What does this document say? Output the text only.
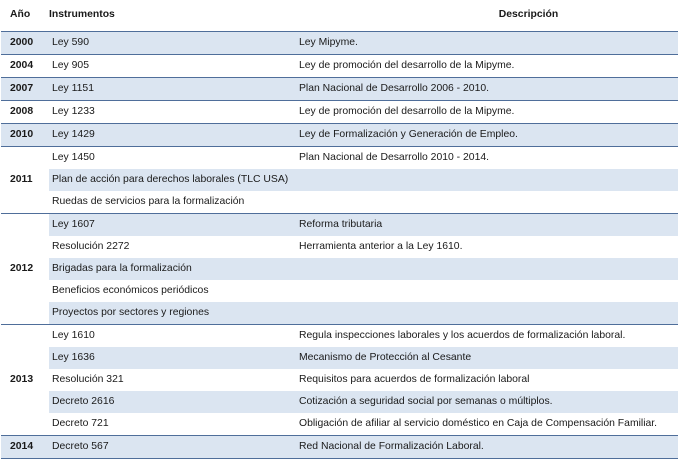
Año	Instrumentos	Descripción
2000	Ley 590	Ley Mipyme.
2004	Ley 905	Ley de promoción del desarrollo de la Mipyme.
2007	Ley 1151	Plan Nacional de Desarrollo 2006 - 2010.
2008	Ley 1233	Ley de promoción del desarrollo de la Mipyme.
2010	Ley 1429	Ley de Formalización y Generación de Empleo.
2011	Ley 1450	Plan Nacional de Desarrollo 2010 - 2014.
	Plan de acción para derechos laborales (TLC USA)	
	Ruedas de servicios para la formalización	
2012	Ley 1607	Reforma tributaria
	Resolución 2272	Herramienta anterior a la Ley 1610.
	Brigadas para la formalización	
	Beneficios económicos periódicos	
	Proyectos por sectores y regiones	
2013	Ley 1610	Regula inspecciones laborales y los acuerdos de formalización laboral.
	Ley 1636	Mecanismo de Protección al Cesante
	Resolución 321	Requisitos para acuerdos de formalización laboral
	Decreto 2616	Cotización a seguridad social por semanas o múltiplos.
	Decreto 721	Obligación de afiliar al servicio doméstico en Caja de Compensación Familiar.
2014	Decreto 567	Red Nacional de Formalización Laboral.
